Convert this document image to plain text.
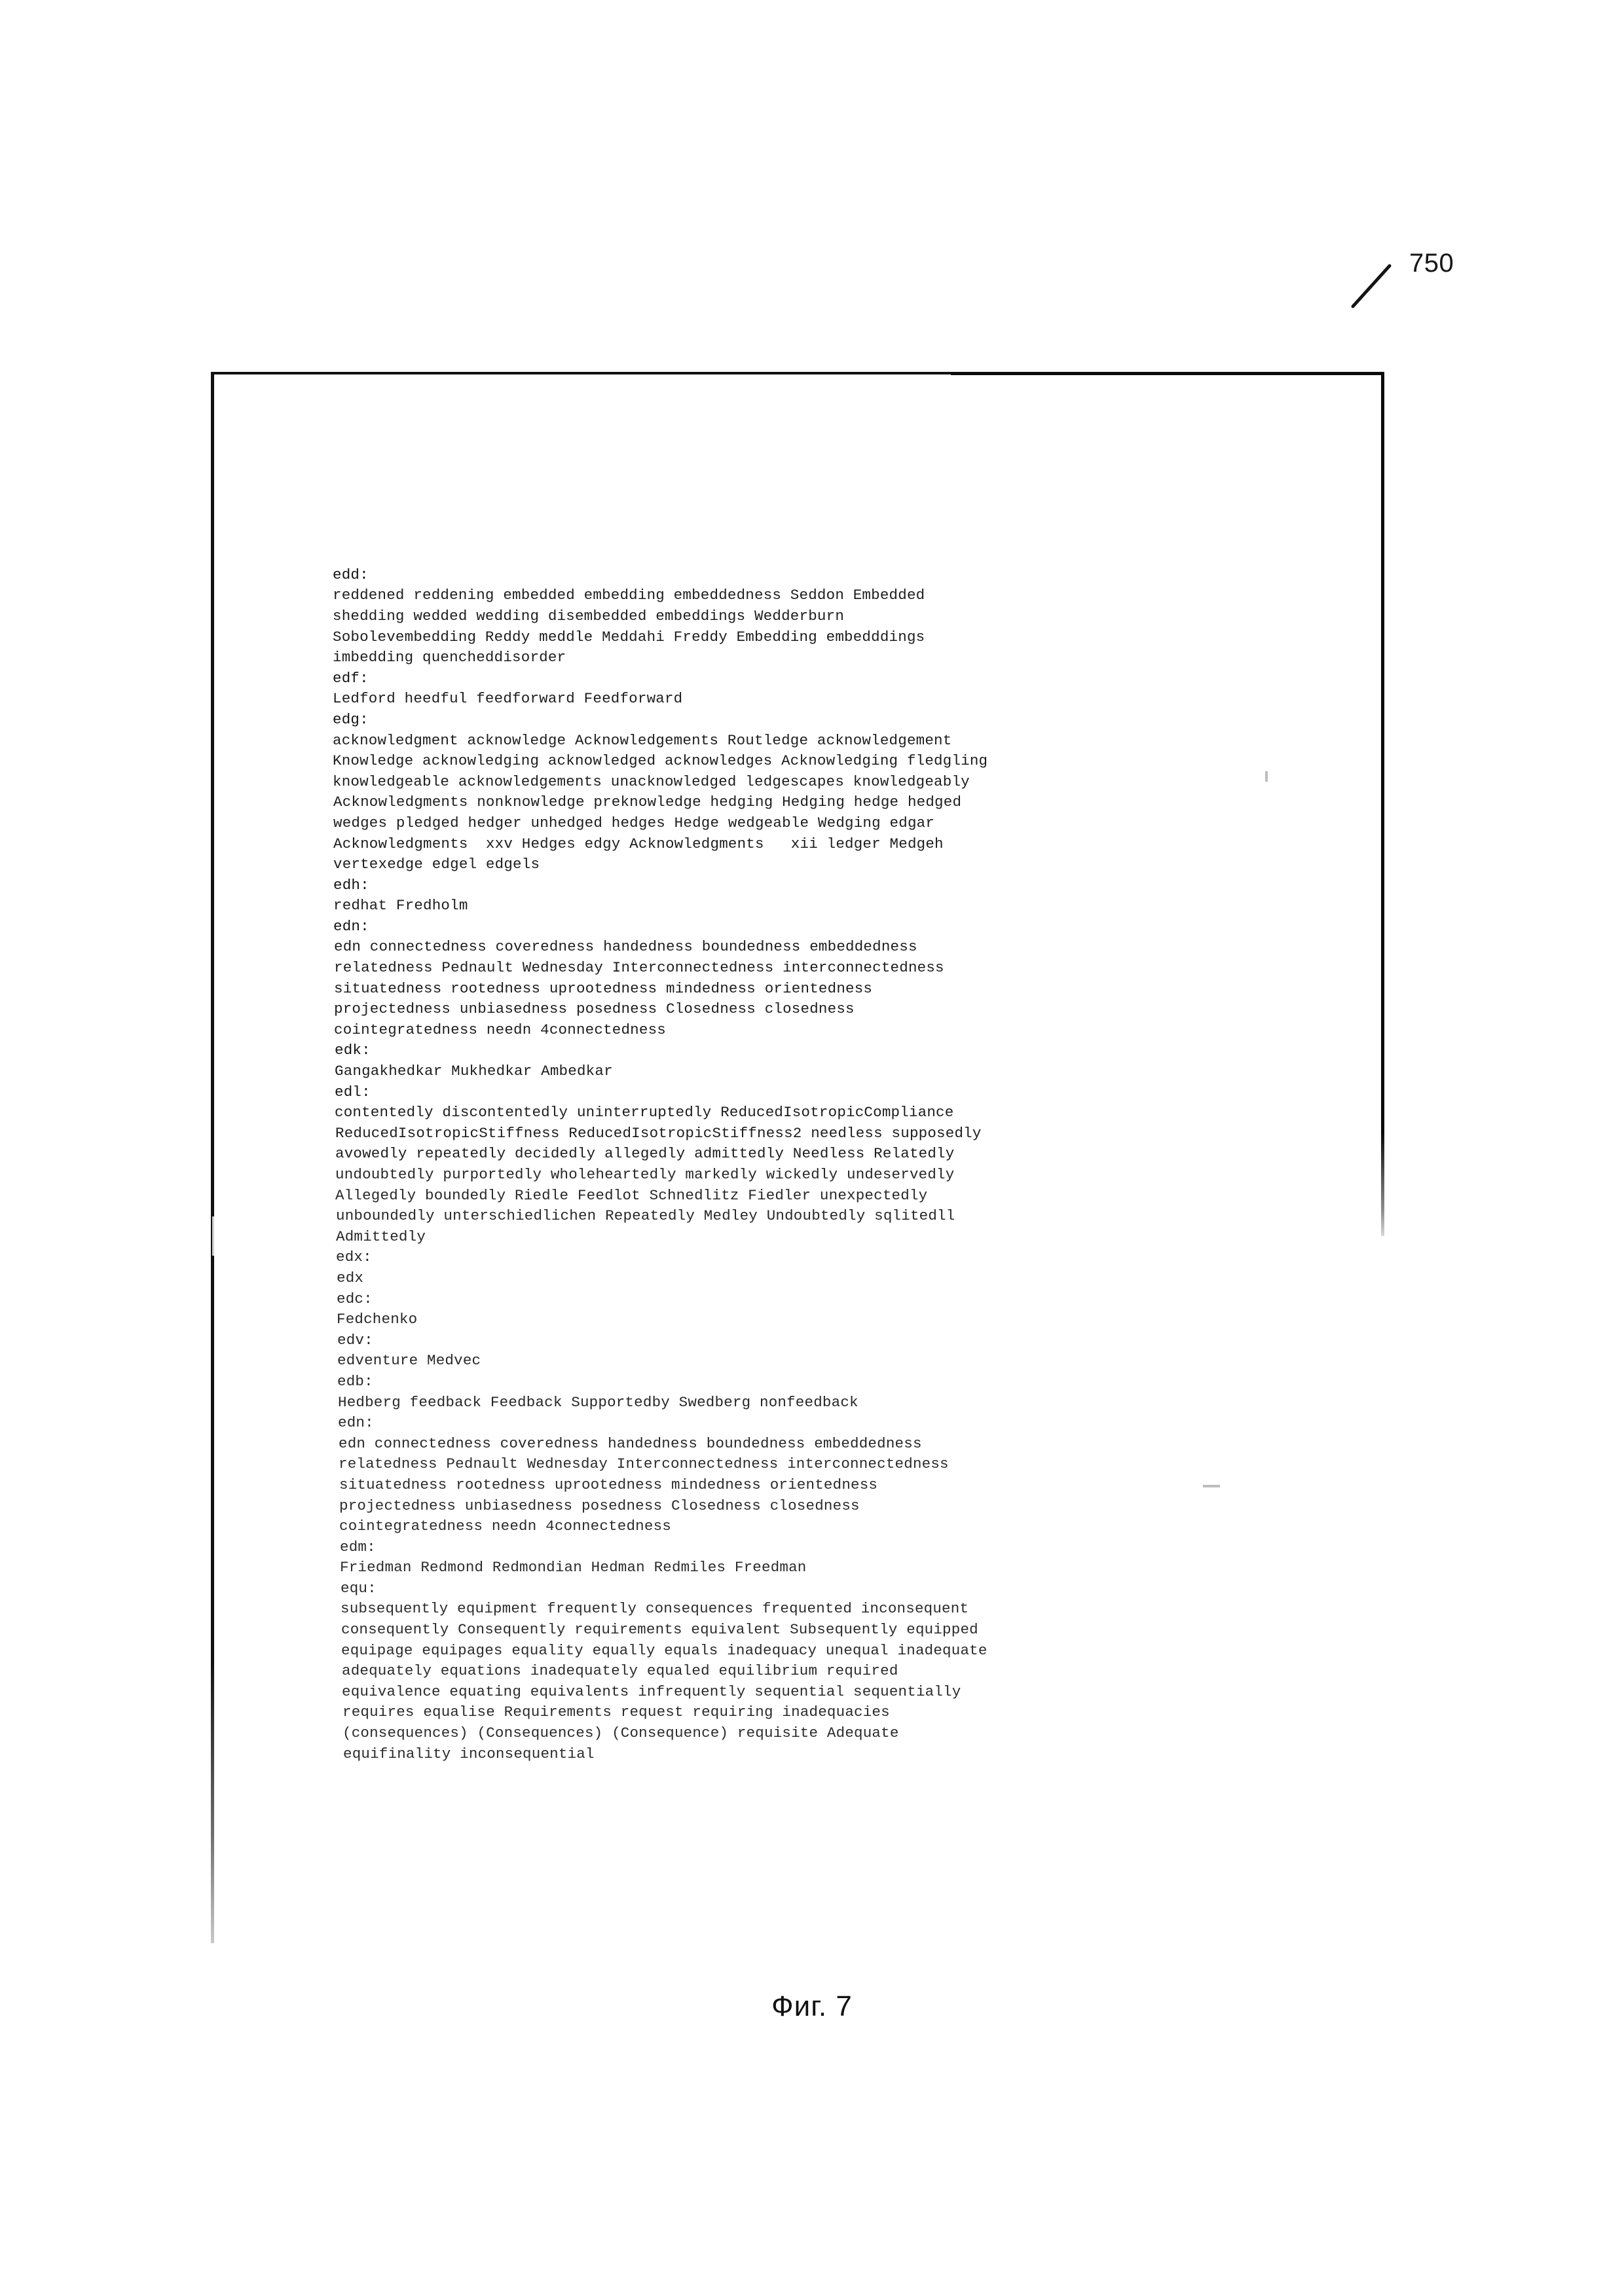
750

edd:
reddened reddening embedded embedding embeddedness Seddon Embedded
shedding wedded wedding disembedded embeddings Wedderburn
Sobolevembedding Reddy meddle Meddahi Freddy Embedding embedddings
imbedding quencheddisorder
edf:
Ledford heedful feedforward Feedforward
edg:
acknowledgment acknowledge Acknowledgements Routledge acknowledgement
Knowledge acknowledging acknowledged acknowledges Acknowledging fledgling
knowledgeable acknowledgements unacknowledged ledgescapes knowledgeably
Acknowledgments nonknowledge preknowledge hedging Hedging hedge hedged
wedges pledged hedger unhedged hedges Hedge wedgeable Wedging edgar
Acknowledgments  xxv Hedges edgy Acknowledgments   xii ledger Medgeh
vertexedge edgel edgels
edh:
redhat Fredholm
edn:
edn connectedness coveredness handedness boundedness embeddedness
relatedness Pednault Wednesday Interconnectedness interconnectedness
situatedness rootedness uprootedness mindedness orientedness
projectedness unbiasedness posedness Closedness closedness
cointegratedness needn 4connectedness
edk:
Gangakhedkar Mukhedkar Ambedkar
edl:
contentedly discontentedly uninterruptedly ReducedIsotropicCompliance
ReducedIsotropicStiffness ReducedIsotropicStiffness2 needless supposedly
avowedly repeatedly decidedly allegedly admittedly Needless Relatedly
undoubtedly purportedly wholeheartedly markedly wickedly undeservedly
Allegedly boundedly Riedle Feedlot Schnedlitz Fiedler unexpectedly
unboundedly unterschiedlichen Repeatedly Medley Undoubtedly sqlitedll
Admittedly
edx:
edx
edc:
Fedchenko
edv:
edventure Medvec
edb:
Hedberg feedback Feedback Supportedby Swedberg nonfeedback
edn:
edn connectedness coveredness handedness boundedness embeddedness
relatedness Pednault Wednesday Interconnectedness interconnectedness
situatedness rootedness uprootedness mindedness orientedness
projectedness unbiasedness posedness Closedness closedness
cointegratedness needn 4connectedness
edm:
Friedman Redmond Redmondian Hedman Redmiles Freedman
equ:
subsequently equipment frequently consequences frequented inconsequent
consequently Consequently requirements equivalent Subsequently equipped
equipage equipages equality equally equals inadequacy unequal inadequate
adequately equations inadequately equaled equilibrium required
equivalence equating equivalents infrequently sequential sequentially
requires equalise Requirements request requiring inadequacies
(consequences) (Consequences) (Consequence) requisite Adequate
equifinality inconsequential
Фиг. 7
